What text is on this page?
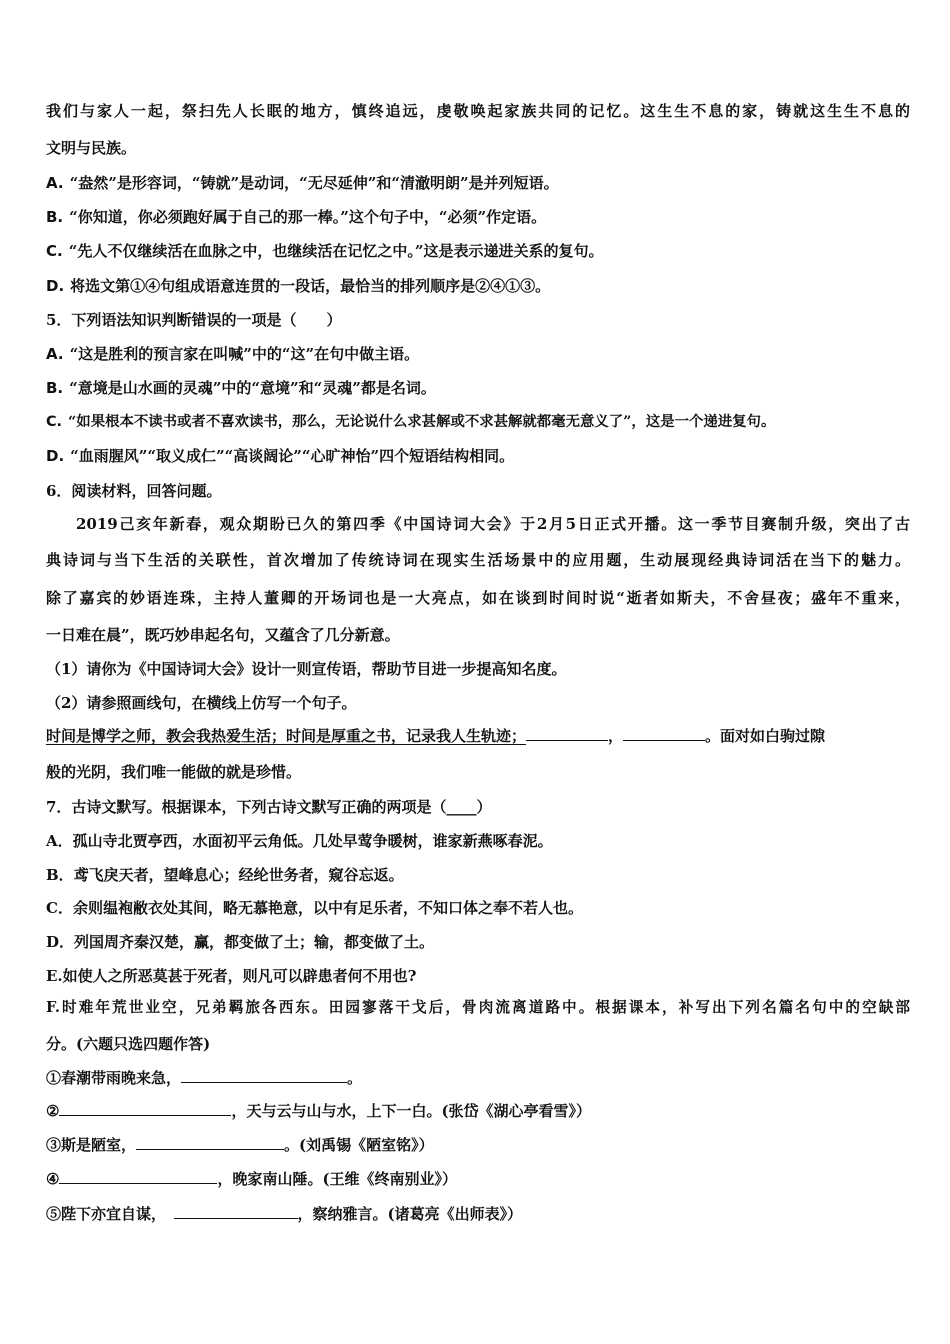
我们与家人一起，祭扫先人长眠的地方，慎终追远，虔敬唤起家族共同的记忆。这生生不息的家，铸就这生生不息的
文明与民族。
A. “盎然”是形容词，“铸就”是动词，“无尽延伸”和“清澈明朗”是并列短语。
B. “你知道，你必须跑好属于自己的那一棒。”这个句子中，“必须”作定语。
C. “先人不仅继续活在血脉之中，也继续活在记忆之中。”这是表示递进关系的复句。
D. 将选文第①④句组成语意连贯的一段话，最恰当的排列顺序是②④①③。
5．下列语法知识判断错误的一项是（　　）
A. “这是胜利的预言家在叫喊”中的“这”在句中做主语。
B. “意境是山水画的灵魂”中的“意境”和“灵魂”都是名词。
C. “如果根本不读书或者不喜欢读书，那么，无论说什么求甚解或不求甚解就都毫无意义了”，这是一个递进复句。
D. “血雨腥风”“取义成仁”“高谈阔论”“心旷神怡”四个短语结构相同。
6．阅读材料，回答问题。
2019己亥年新春，观众期盼已久的第四季《中国诗词大会》于2月5日正式开播。这一季节目赛制升级，突出了古
典诗词与当下生活的关联性，首次增加了传统诗词在现实生活场景中的应用题，生动展现经典诗词活在当下的魅力。
除了嘉宾的妙语连珠，主持人董卿的开场词也是一大亮点，如在谈到时间时说“逝者如斯夫，不舍昼夜；盛年不重来，
一日难在晨”，既巧妙串起名句，又蕴含了几分新意。
（1）请你为《中国诗词大会》设计一则宣传语，帮助节目进一步提高知名度。
（2）请参照画线句，在横线上仿写一个句子。
时间是博学之师，教会我热爱生活；时间是厚重之书，记录我人生轨迹；	，	。面对如白驹过隙
般的光阴，我们唯一能做的就是珍惜。
7．古诗文默写。根据课本，下列古诗文默写正确的两项是（____）
A．孤山寺北贾亭西，水面初平云角低。几处早莺争暖树，谁家新燕啄春泥。
B．鸢飞戾天者，望峰息心；经纶世务者，窥谷忘返。
C．余则缊袍敝衣处其间，略无慕艳意，以中有足乐者，不知口体之奉不若人也。
D．列国周齐秦汉楚，赢，都变做了土；输，都变做了土。
E.如使人之所恶莫甚于死者，则凡可以辟患者何不用也?
F.时难年荒世业空，兄弟羁旅各西东。田园寥落干戈后，骨肉流离道路中。根据课本，补写出下列名篇名句中的空缺部
分。(六题只选四题作答)
①春潮带雨晚来急，	。
②	，天与云与山与水，上下一白。(张岱《湖心亭看雪》）
③斯是陋室，	。(刘禹锡《陋室铭》）
④	，晚家南山陲。(王维《终南别业》）
⑤陛下亦宜自谋，　	，察纳雅言。(诸葛亮《出师表》）
